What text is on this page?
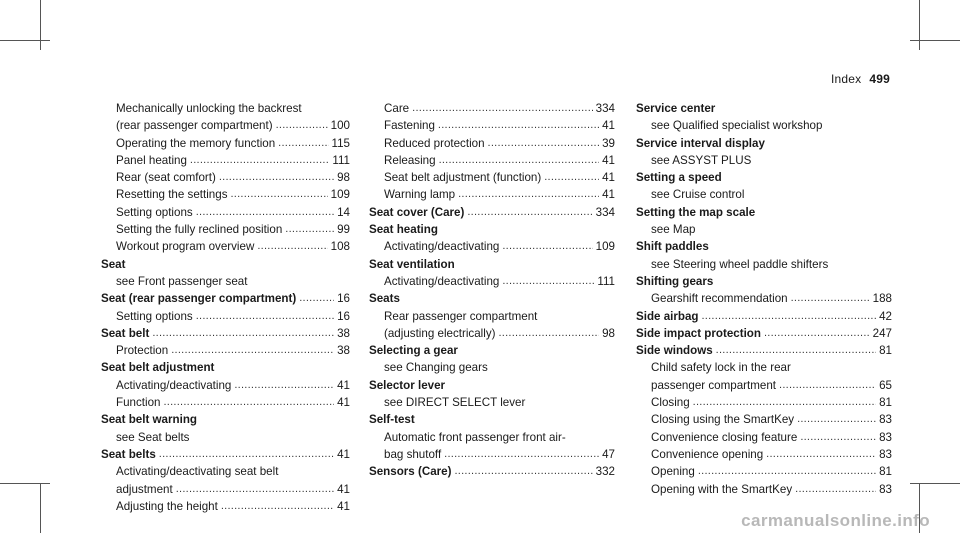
Index 499
Mechanically unlocking the backrest
(rear passenger compartment) . . .	100
Operating the memory function . . .	115
Panel heating . . .	111
Rear (seat comfort) . . .	98
Resetting the settings . . .	109
Setting options . . .	14
Setting the fully reclined position . . .	99
Workout program overview . . .	108
Seat
see Front passenger seat
Seat (rear passenger compartment) . . .	16
Setting options . . .	16
Seat belt . . .	38
Protection . . .	38
Seat belt adjustment
Activating/deactivating . . .	41
Function . . .	41
Seat belt warning
see Seat belts
Seat belts . . .	41
Activating/deactivating seat belt
adjustment . . .	41
Adjusting the height . . .	41
Care . . .	334
Fastening . . .	41
Reduced protection . . .	39
Releasing . . .	41
Seat belt adjustment (function) . . .	41
Warning lamp . . .	41
Seat cover (Care) . . .	334
Seat heating
Activating/deactivating . . .	109
Seat ventilation
Activating/deactivating . . .	111
Seats
Rear passenger compartment
(adjusting electrically) . . .	98
Selecting a gear
see Changing gears
Selector lever
see DIRECT SELECT lever
Self-test
Automatic front passenger front air-
bag shutoff . . .	47
Sensors (Care) . . .	332
Service center
see Qualified specialist workshop
Service interval display
see ASSYST PLUS
Setting a speed
see Cruise control
Setting the map scale
see Map
Shift paddles
see Steering wheel paddle shifters
Shifting gears
Gearshift recommendation . . .	188
Side airbag . . .	42
Side impact protection . . .	247
Side windows . . .	81
Child safety lock in the rear
passenger compartment . . .	65
Closing . . .	81
Closing using the SmartKey . . .	83
Convenience closing feature . . .	83
Convenience opening . . .	83
Opening . . .	81
Opening with the SmartKey . . .	83
carmanualsonline.info
